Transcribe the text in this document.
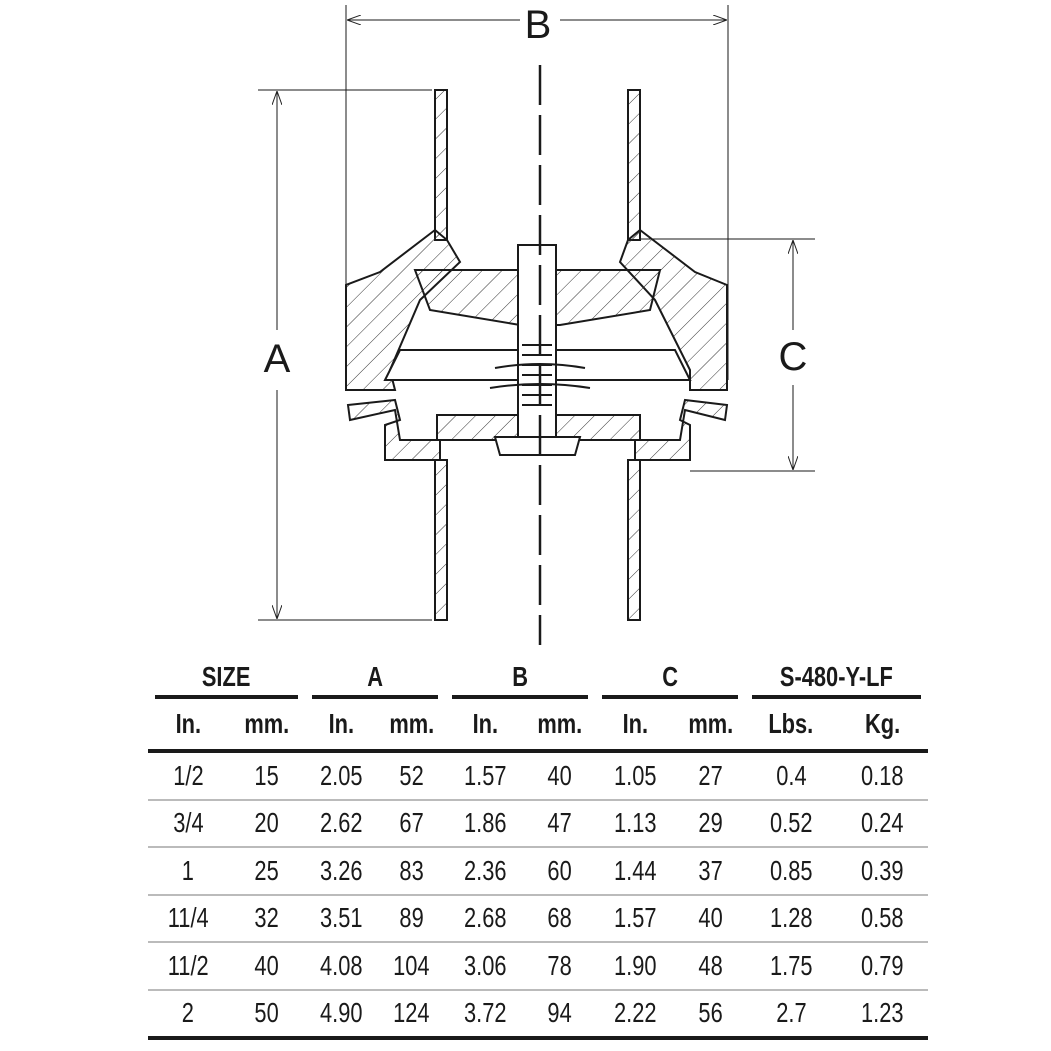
B
A	C
SIZE		A		B		C		S-480-Y-LF	

In.	mm.	In.	mm.	In.	mm.	In.	mm.	Lbs.	Kg.
1/2	15	2.05	52	1.57	40	1.05	27	0.4	0.18
3/4	20	2.62	67	1.86	47	1.13	29	0.52	0.24
1	25	3.26	83	2.36	60	1.44	37	0.85	0.39
11/4	32	3.51	89	2.68	68	1.57	40	1.28	0.58
11/2	40	4.08	104	3.06	78	1.90	48	1.75	0.79
2	50	4.90	124	3.72	94	2.22	56	2.7	1.23
